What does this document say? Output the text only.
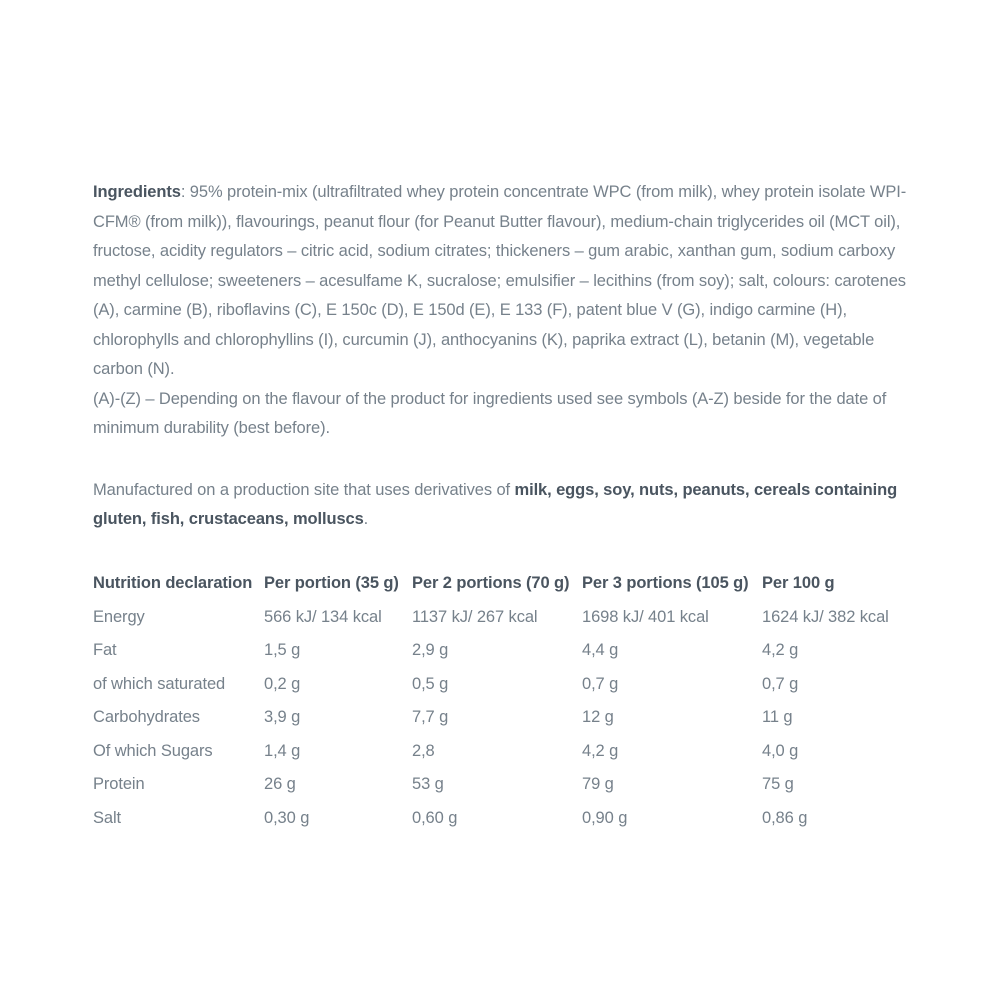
Ingredients: 95% protein-mix (ultrafiltrated whey protein concentrate WPC (from milk), whey protein isolate WPI-CFM® (from milk)), flavourings, peanut flour (for Peanut Butter flavour), medium-chain triglycerides oil (MCT oil), fructose, acidity regulators – citric acid, sodium citrates; thickeners – gum arabic, xanthan gum, sodium carboxy methyl cellulose; sweeteners – acesulfame K, sucralose; emulsifier – lecithins (from soy); salt, colours: carotenes (A), carmine (B), riboflavins (C), E 150c (D), E 150d (E), E 133 (F), patent blue V (G), indigo carmine (H), chlorophylls and chlorophyllins (I), curcumin (J), anthocyanins (K), paprika extract (L), betanin (M), vegetable carbon (N).
(A)-(Z) – Depending on the flavour of the product for ingredients used see symbols (A-Z) beside for the date of minimum durability (best before).

Manufactured on a production site that uses derivatives of milk, eggs, soy, nuts, peanuts, cereals containing gluten, fish, crustaceans, molluscs.

Nutrition declaration Per portion (35 g) Per 2 portions (70 g) Per 3 portions (105 g) Per 100 g
Energy	566 kJ/ 134 kcal	1137 kJ/ 267 kcal	1698 kJ/ 401 kcal	1624 kJ/ 382 kcal
Fat	1,5 g	2,9 g	4,4 g	4,2 g
of which saturated	0,2 g	0,5 g	0,7 g	0,7 g
Carbohydrates	3,9 g	7,7 g	12 g	11 g
Of which Sugars	1,4 g	2,8	4,2 g	4,0 g
Protein	26 g	53 g	79 g	75 g
Salt	0,30 g	0,60 g	0,90 g	0,86 g
